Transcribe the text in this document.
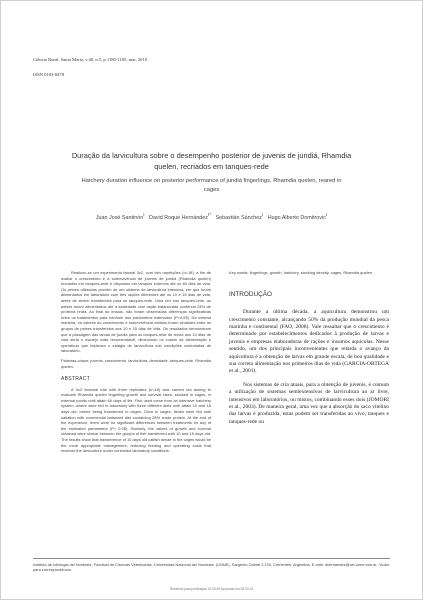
Ciência Rural, Santa Maria, v.40, n.5, p.1180-1185, mai, 2010
ISSN 0103-8478
Duração da larvicultura sobre o desempenho posterior de juvenis de jundiá, Rhamdia quelen, recriados em tanques-rede
Hatchery duration influence on posterior performance of jundiá fingerlings, Rhamdia quelen, reared in cages
Juan José Santinón$^I$   David Roque Hernández$^{I*}$   Sebastián Sánchez$^I$   Hugo Alberto Domitrovic$^I$

Realizou-se um experimento fatorial 3x2, com três repetições (n=18), a fim de avaliar o crescimento e a sobrevivência de juvenis de jundiá (Rhamdia quelen) recriados em tanques-rede e dispostos em tanques externos até os 60 dias de vida. Os peixes utilizados provêm de um sistema de larvicultura intensiva, em que foram alimentados em laboratório com três rações diferentes até os 10 e 15 dias de vida, antes de serem transferidos para os tanques-rede. Uma vez nos tanques-rede, os peixes foram alimentados até a saciedade com ração balanceada contendo 28% de proteína bruta. Ao final do ensaio, não foram observadas diferenças significativas entre os tratamentos para nenhum dos parâmetros estimados (P>0,05). Da mesma maneira, os valores do crescimento e sobrevivência obtidos foram similares entre os grupos de peixes transferidos aos 10 e 15 dias de vida. Os resultados demonstram que a passagem das larvas de jundiá para os tanques-rede de recria aos 10 dias de vida seria o manejo mais recomendável, diminuindo os custos da alimentação e operativos que implicam o estágio de larvicultura sob condições controladas de laboratório.

Palavras-chave: juvenis, crescimento, larvicultura, densidade, tanques-rede, Rhamdia quelen.

ABSTRACT

A 3x2 factorial trial with three replicates (n=18) was carried out aiming to evaluate Rhamdia quelen fingerling growth and survival rates, stocked in cages, in external ponds until attain 60 days of life. Fish used come from an intensive hatchery system, where were fed in laboratory with three different diets until attain 10 and 15 days old, before being transferred to cages. Once in cages, fishes were fed until satiation with commercial balanced diet containing 28% crude protein. At the end of the experience, there were no significant differences between treatments for any of the estimated parameters (P> 0.05). Similarly, the values of growth and survival obtained were similar between the groups of fish transferred with 10 and 15 days old. The results show that transference of 10 days old catfish larvae to the cages would be the more appropriate management, reducing feeding and operating costs that involves the larviculture under controlled laboratory conditions.

Key words: fingerlings, growth, hatchery, stocking density, cages, Rhamdia quelen.

INTRODUÇÃO

Durante a última década, a aquicultura demonstrou um crescimento constante, alcançando 50% da produção mundial da pesca marinha e continental (FAO, 2008). Vale ressaltar que o crescimento é determinado por estabelecimentos dedicados à produção de larvas e juvenis e empresas elaboradoras de rações e insumos aquícolas. Nesse sentido, um dos principais inconvenientes que retarda o avanço da aquicultura é a obtenção de larvas em grande escala, de boa qualidade e sua correta alimentação nos primeiros dias de vida (GARCIA-ORTEGA et al., 2001).

Nos sistemas de cria atuais, para a obtenção de juvenis, é comum a utilização de sistemas semiextensivos de larvicultura ao ar livre, intensivos em laboratórios, ou mistos, combinando esses dois (JOMORI et al., 2003). De maneira geral, uma vez que a absorção do saco vitelino das larvas é produzida, estas podem ser transferidas ao vivo, tanques e tanques-rede ou

Instituto de Ictiologia del Nordeste, Facultad de Ciencias Veterinarias, Universidad Nacional del Nordeste, (UNNE), Sargento Cabral 2.139, Corrientes, Argentina. E-mail: dhernandez@vet.unne.edu.ar. *Autor para correspondência.
Recebido para publicação 30.09.09 Aprovado em 05.03.10
